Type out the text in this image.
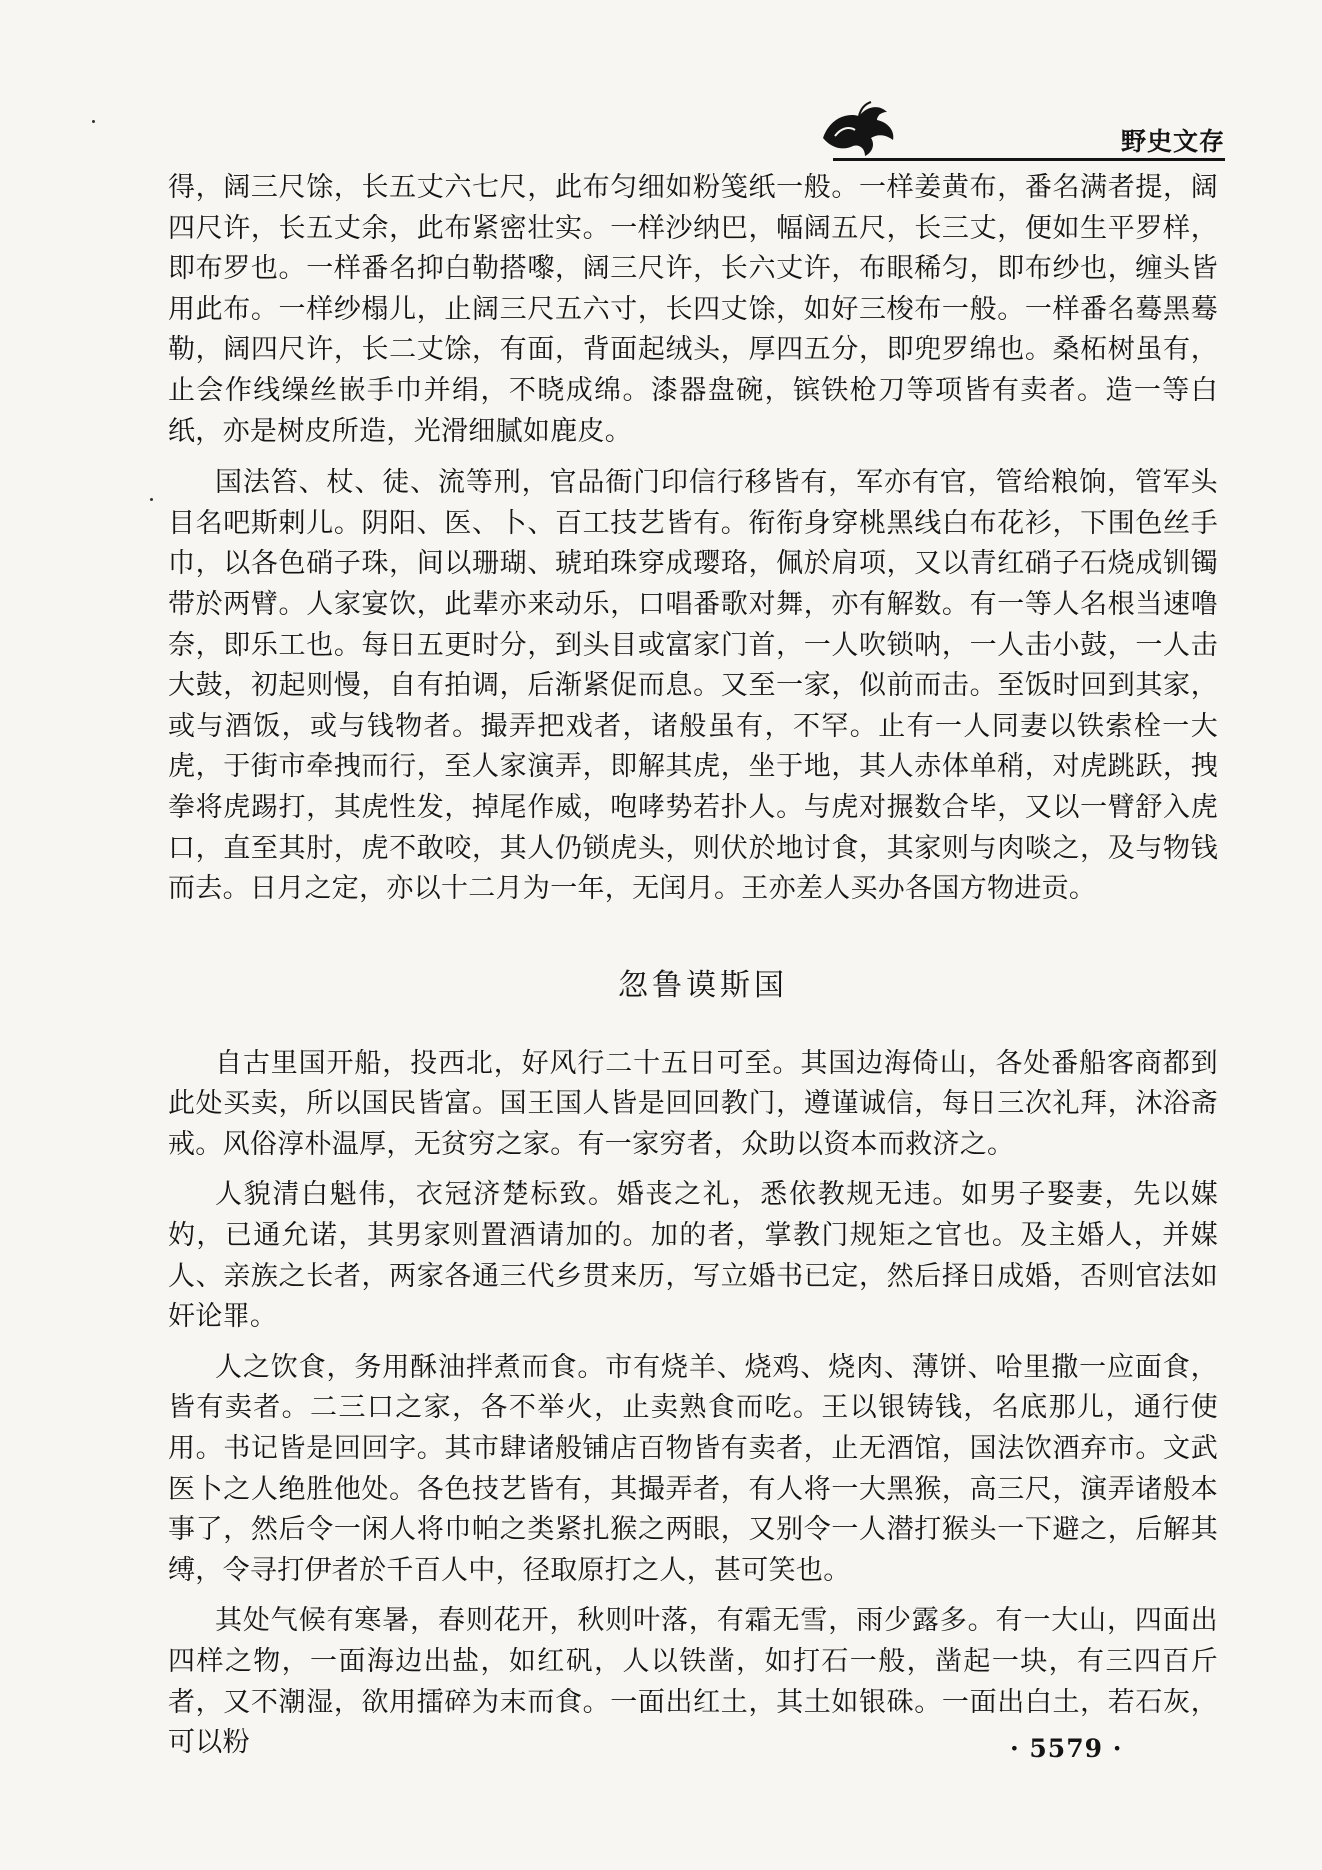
野史文存

得，阔三尺馀，长五丈六七尺，此布匀细如粉笺纸一般。一样姜黄布，番名满者提，阔四尺许，长五丈余，此布紧密壮实。一样沙纳巴，幅阔五尺，长三丈，便如生平罗样，即布罗也。一样番名抑白勒搭嚟，阔三尺许，长六丈许，布眼稀匀，即布纱也，缠头皆用此布。一样纱榻儿，止阔三尺五六寸，长四丈馀，如好三梭布一般。一样番名蓦黑蓦勒，阔四尺许，长二丈馀，有面，背面起绒头，厚四五分，即兜罗绵也。桑柘树虽有，止会作线缲丝嵌手巾并绢，不晓成绵。漆器盘碗，镔铁枪刀等项皆有卖者。造一等白纸，亦是树皮所造，光滑细腻如鹿皮。

国法笞、杖、徒、流等刑，官品衙门印信行移皆有，军亦有官，管给粮饷，管军头目名吧斯剌儿。阴阳、医、卜、百工技艺皆有。衔衔身穿桃黑线白布花衫，下围色丝手巾，以各色硝子珠，间以珊瑚、琥珀珠穿成璎珞，佩於肩项，又以青红硝子石烧成钏镯带於两臂。人家宴饮，此辈亦来动乐，口唱番歌对舞，亦有解数。有一等人名根当速噜奈，即乐工也。每日五更时分，到头目或富家门首，一人吹锁呐，一人击小鼓，一人击大鼓，初起则慢，自有拍调，后渐紧促而息。又至一家，似前而击。至饭时回到其家，或与酒饭，或与钱物者。撮弄把戏者，诸般虽有，不罕。止有一人同妻以铁索栓一大虎，于街市牵拽而行，至人家演弄，即解其虎，坐于地，其人赤体单稍，对虎跳跃，拽拳将虎踢打，其虎性发，掉尾作威，咆哮势若扑人。与虎对搌数合毕，又以一臂舒入虎口，直至其肘，虎不敢咬，其人仍锁虎头，则伏於地讨食，其家则与肉啖之，及与物钱而去。日月之定，亦以十二月为一年，无闰月。王亦差人买办各国方物进贡。

忽鲁谟斯国

自古里国开船，投西北，好风行二十五日可至。其国边海倚山，各处番船客商都到此处买卖，所以国民皆富。国王国人皆是回回教门，遵谨诚信，每日三次礼拜，沐浴斋戒。风俗淳朴温厚，无贫穷之家。有一家穷者，众助以资本而救济之。

人貌清白魁伟，衣冠济楚标致。婚丧之礼，悉依教规无违。如男子娶妻，先以媒妁，已通允诺，其男家则置酒请加的。加的者，掌教门规矩之官也。及主婚人，并媒人、亲族之长者，两家各通三代乡贯来历，写立婚书已定，然后择日成婚，否则官法如奸论罪。

人之饮食，务用酥油拌煮而食。市有烧羊、烧鸡、烧肉、薄饼、哈里撒一应面食，皆有卖者。二三口之家，各不举火，止卖熟食而吃。王以银铸钱，名底那儿，通行使用。书记皆是回回字。其市肆诸般铺店百物皆有卖者，止无酒馆，国法饮酒弃市。文武医卜之人绝胜他处。各色技艺皆有，其撮弄者，有人将一大黑猴，高三尺，演弄诸般本事了，然后令一闲人将巾帕之类紧扎猴之两眼，又别令一人潜打猴头一下避之，后解其缚，令寻打伊者於千百人中，径取原打之人，甚可笑也。

其处气候有寒暑，春则花开，秋则叶落，有霜无雪，雨少露多。有一大山，四面出四样之物，一面海边出盐，如红矾，人以铁凿，如打石一般，凿起一块，有三四百斤者，又不潮湿，欲用擂碎为末而食。一面出红土，其土如银硃。一面出白土，若石灰，可以粉	· 5579 ·
